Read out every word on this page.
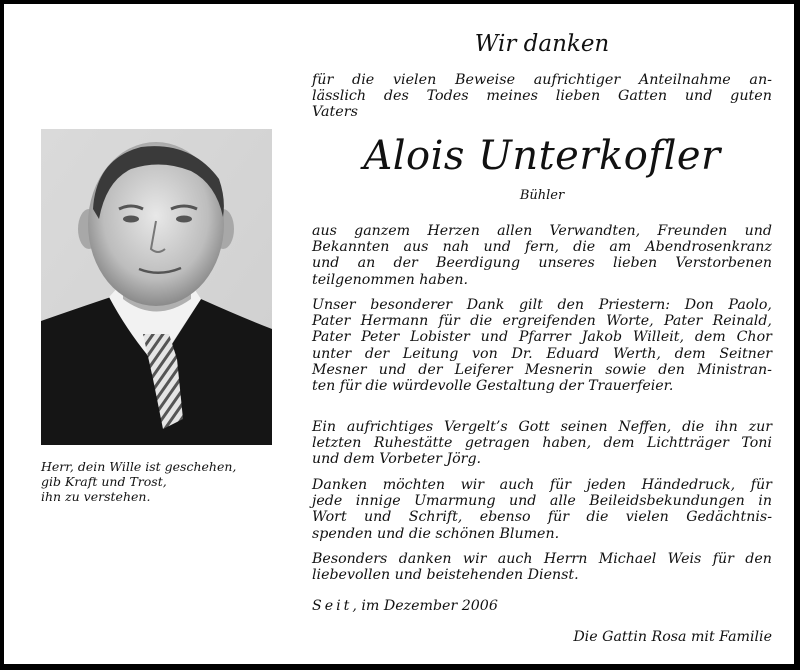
Herr, dein Wille ist geschehen,
gib Kraft und Trost,
ihn zu verstehen.
Wir danken
für die vielen Beweise aufrichtiger Anteilnahme an-
lässlich des Todes meines lieben Gatten und guten
Vaters
Alois Unterkofler
Bühler
aus ganzem Herzen allen Verwandten, Freunden und
Bekannten aus nah und fern, die am Abendrosenkranz
und an der Beerdigung unseres lieben Verstorbenen
teilgenommen haben.
Unser besonderer Dank gilt den Priestern: Don Paolo,
Pater Hermann für die ergreifenden Worte, Pater Reinald,
Pater Peter Lobister und Pfarrer Jakob Willeit, dem Chor
unter der Leitung von Dr. Eduard Werth, dem Seitner
Mesner und der Leiferer Mesnerin sowie den Ministran-
ten für die würdevolle Gestaltung der Trauerfeier.
Ein aufrichtiges Vergelt’s Gott seinen Neffen, die ihn zur
letzten Ruhestätte getragen haben, dem Lichtträger Toni
und dem Vorbeter Jörg.
Danken möchten wir auch für jeden Händedruck, für
jede innige Umarmung und alle Beileidsbekundungen in
Wort und Schrift, ebenso für die vielen Gedächtnis-
spenden und die schönen Blumen.
Besonders danken wir auch Herrn Michael Weis für den
liebevollen und beistehenden Dienst.
Seit, im Dezember 2006
Die Gattin Rosa mit Familie
